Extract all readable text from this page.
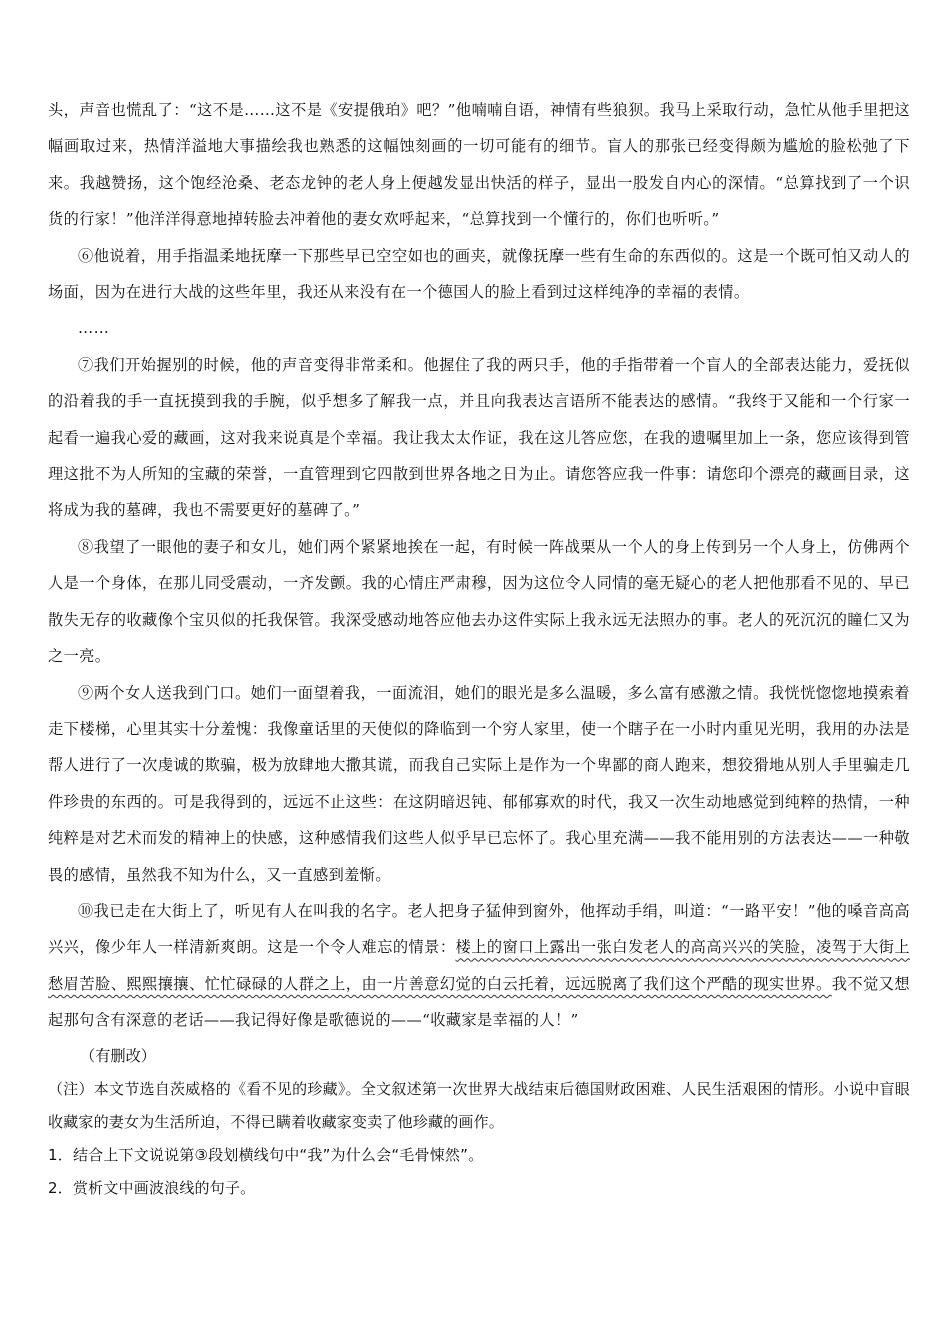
头，声音也慌乱了：“这不是……这不是《安提俄珀》吧？”他喃喃自语，神情有些狼狈。我马上采取行动，急忙从他手里把这幅画取过来，热情洋溢地大事描绘我也熟悉的这幅蚀刻画的一切可能有的细节。盲人的那张已经变得颇为尴尬的脸松弛了下来。我越赞扬，这个饱经沧桑、老态龙钟的老人身上便越发显出快活的样子，显出一股发自内心的深情。“总算找到了一个识货的行家！”他洋洋得意地掉转脸去冲着他的妻女欢呼起来，“总算找到一个懂行的，你们也听听。”

⑥他说着，用手指温柔地抚摩一下那些早已空空如也的画夹，就像抚摩一些有生命的东西似的。这是一个既可怕又动人的场面，因为在进行大战的这些年里，我还从来没有在一个德国人的脸上看到过这样纯净的幸福的表情。

……

⑦我们开始握别的时候，他的声音变得非常柔和。他握住了我的两只手，他的手指带着一个盲人的全部表达能力，爱抚似的沿着我的手一直抚摸到我的手腕，似乎想多了解我一点，并且向我表达言语所不能表达的感情。“我终于又能和一个行家一起看一遍我心爱的藏画，这对我来说真是个幸福。我让我太太作证，我在这儿答应您，在我的遗嘱里加上一条，您应该得到管理这批不为人所知的宝藏的荣誉，一直管理到它四散到世界各地之日为止。请您答应我一件事：请您印个漂亮的藏画目录，这将成为我的墓碑，我也不需要更好的墓碑了。”

⑧我望了一眼他的妻子和女儿，她们两个紧紧地挨在一起，有时候一阵战栗从一个人的身上传到另一个人身上，仿佛两个人是一个身体，在那儿同受震动，一齐发颤。我的心情庄严肃穆，因为这位令人同情的毫无疑心的老人把他那看不见的、早已散失无存的收藏像个宝贝似的托我保管。我深受感动地答应他去办这件实际上我永远无法照办的事。老人的死沉沉的瞳仁又为之一亮。

⑨两个女人送我到门口。她们一面望着我，一面流泪，她们的眼光是多么温暖，多么富有感激之情。我恍恍惚惚地摸索着走下楼梯，心里其实十分羞愧：我像童话里的天使似的降临到一个穷人家里，使一个瞎子在一小时内重见光明，我用的办法是帮人进行了一次虔诚的欺骗，极为放肆地大撒其谎，而我自己实际上是作为一个卑鄙的商人跑来，想狡猾地从别人手里骗走几件珍贵的东西的。可是我得到的，远远不止这些：在这阴暗迟钝、郁郁寡欢的时代，我又一次生动地感觉到纯粹的热情，一种纯粹是对艺术而发的精神上的快感，这种感情我们这些人似乎早已忘怀了。我心里充满——我不能用别的方法表达——一种敬畏的感情，虽然我不知为什么，又一直感到羞惭。

⑩我已走在大街上了，听见有人在叫我的名字。老人把身子猛伸到窗外，他挥动手绢，叫道：“一路平安！”他的嗓音高高兴兴，像少年人一样清新爽朗。这是一个令人难忘的情景：楼上的窗口上露出一张白发老人的高高兴兴的笑脸，凌驾于大街上愁眉苦脸、熙熙攘攘、忙忙碌碌的人群之上，由一片善意幻觉的白云托着，远远脱离了我们这个严酷的现实世界。我不觉又想起那句含有深意的老话——我记得好像是歌德说的——“收藏家是幸福的人！”

（有删改）

（注）本文节选自茨威格的《看不见的珍藏》。全文叙述第一次世界大战结束后德国财政困难、人民生活艰困的情形。小说中盲眼收藏家的妻女为生活所迫，不得已瞒着收藏家变卖了他珍藏的画作。

1．结合上下文说说第③段划横线句中“我”为什么会“毛骨悚然”。

2．赏析文中画波浪线的句子。
